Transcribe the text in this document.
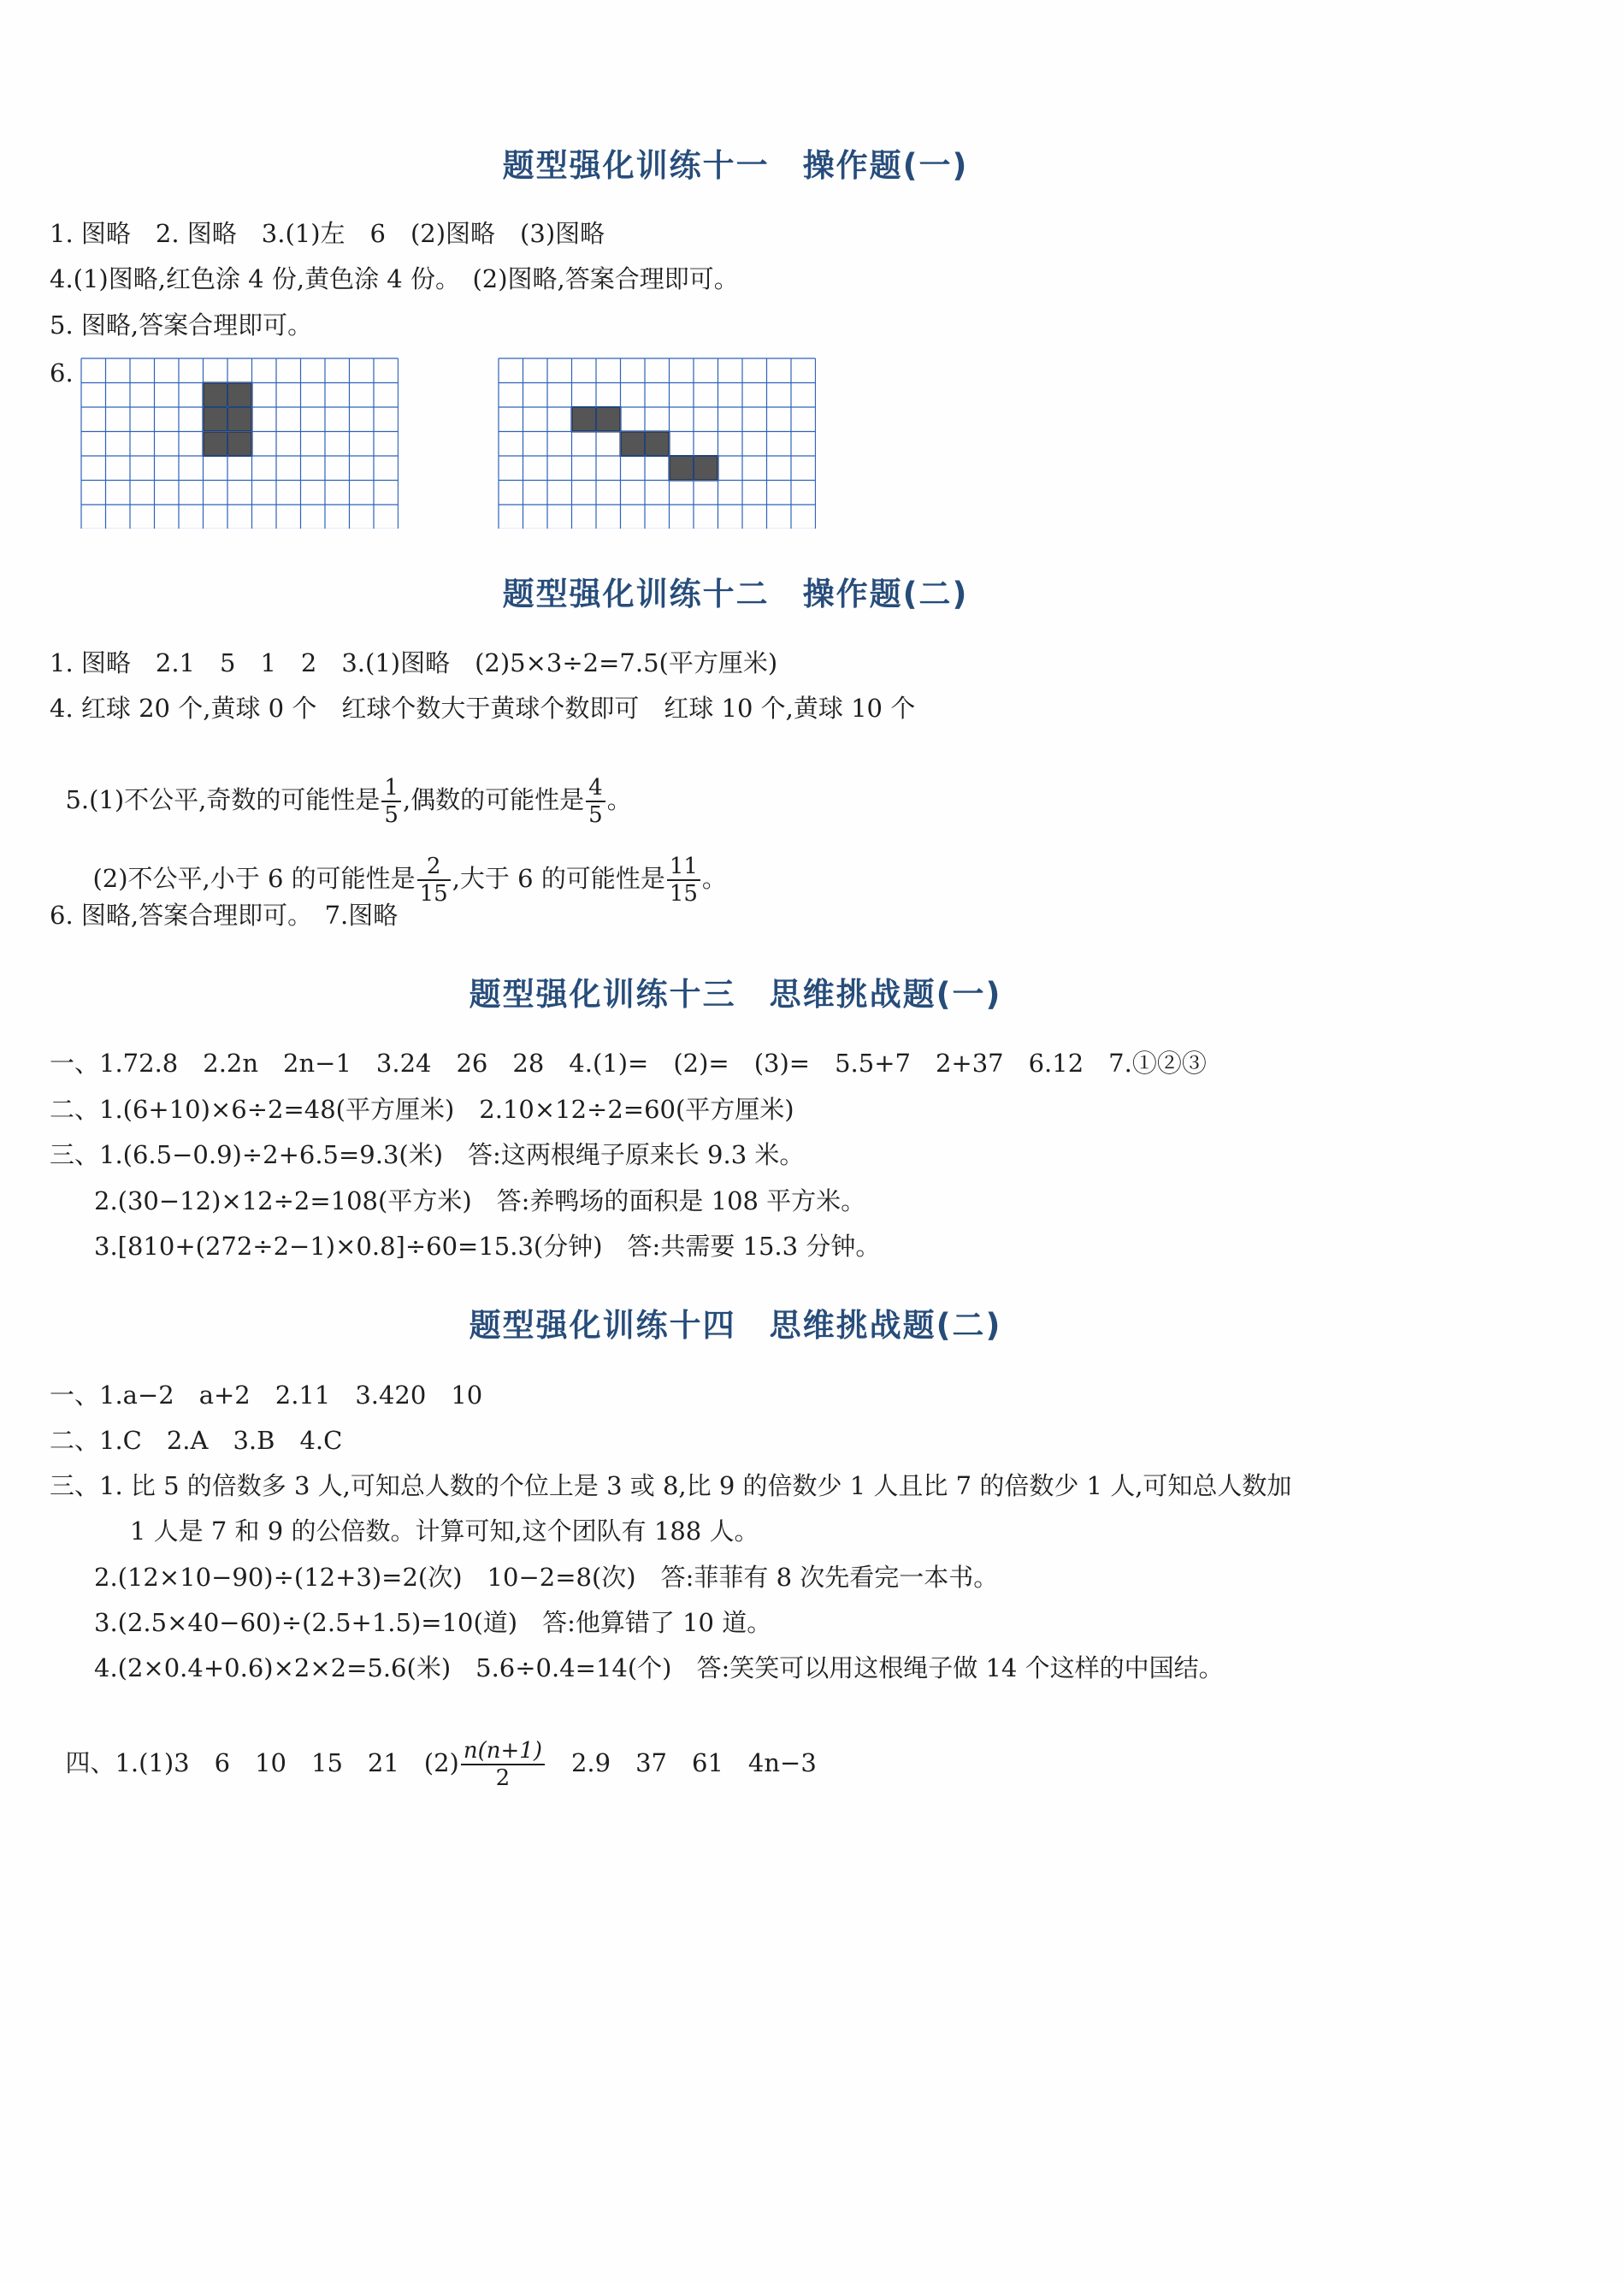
题型强化训练十一　操作题(一)
1. 图略　2. 图略　3.(1)左　6　(2)图略　(3)图略
4.(1)图略,红色涂 4 份,黄色涂 4 份。　(2)图略,答案合理即可。
5. 图略,答案合理即可。
6.
题型强化训练十二　操作题(二)
1. 图略　2.1　5　1　2　3.(1)图略　(2)5×3÷2=7.5(平方厘米)
4. 红球 20 个,黄球 0 个　红球个数大于黄球个数即可　红球 10 个,黄球 10 个

5.(1)不公平,奇数的可能性是 $\frac{1}{5}$ ,偶数的可能性是 $\frac{4}{5}$ 。

(2)不公平,小于 6 的可能性是 $\frac{2}{15}$ ,大于 6 的可能性是 $\frac{11}{15}$ 。

6. 图略,答案合理即可。　7.图略
题型强化训练十三　思维挑战题(一)
一、1.72.8　2.2n　2n−1　3.24　26　28　4.(1)=　(2)=　(3)=　5.5+7　2+37　6.12　7.①②③
二、1.(6+10)×6÷2=48(平方厘米)　2.10×12÷2=60(平方厘米)
三、1.(6.5−0.9)÷2+6.5=9.3(米)　答:这两根绳子原来长 9.3 米。
2.(30−12)×12÷2=108(平方米)　答:养鸭场的面积是 108 平方米。
3.[810+(272÷2−1)×0.8]÷60=15.3(分钟)　答:共需要 15.3 分钟。
题型强化训练十四　思维挑战题(二)
一、1.a−2　a+2　2.11　3.420　10
二、1.C　2.A　3.B　4.C
三、1. 比 5 的倍数多 3 人,可知总人数的个位上是 3 或 8,比 9 的倍数少 1 人且比 7 的倍数少 1 人,可知总人数加
1 人是 7 和 9 的公倍数。计算可知,这个团队有 188 人。
2.(12×10−90)÷(12+3)=2(次)　10−2=8(次)　答:菲菲有 8 次先看完一本书。
3.(2.5×40−60)÷(2.5+1.5)=10(道)　答:他算错了 10 道。
4.(2×0.4+0.6)×2×2=5.6(米)　5.6÷0.4=14(个)　答:笑笑可以用这根绳子做 14 个这样的中国结。

四、1.(1)3　6　10　15　21　$(2) \frac{n(n+1)}{2}$ 　2.9　37　61　4n−3
